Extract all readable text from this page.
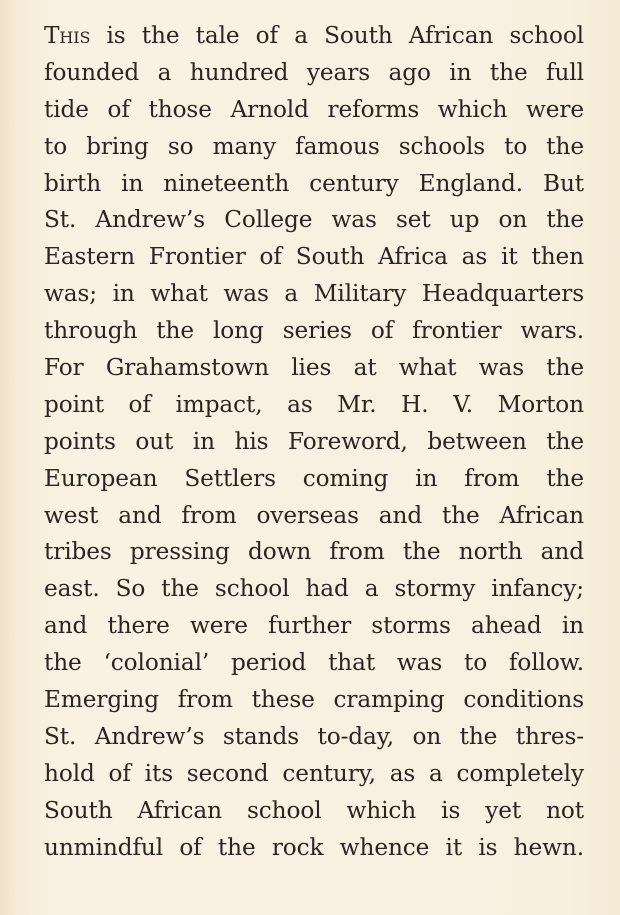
This is the tale of a South African school
founded a hundred years ago in the full
tide of those Arnold reforms which were
to bring so many famous schools to the
birth in nineteenth century England. But
St. Andrew’s College was set up on the
Eastern Frontier of South Africa as it then
was; in what was a Military Headquarters
through the long series of frontier wars.
For Grahamstown lies at what was the
point of impact, as Mr. H. V. Morton
points out in his Foreword, between the
European Settlers coming in from the
west and from overseas and the African
tribes pressing down from the north and
east. So the school had a stormy infancy;
and there were further storms ahead in
the ‘colonial’ period that was to follow.
Emerging from these cramping conditions
St. Andrew’s stands to-day, on the thres-
hold of its second century, as a completely
South African school which is yet not
unmindful of the rock whence it is hewn.
